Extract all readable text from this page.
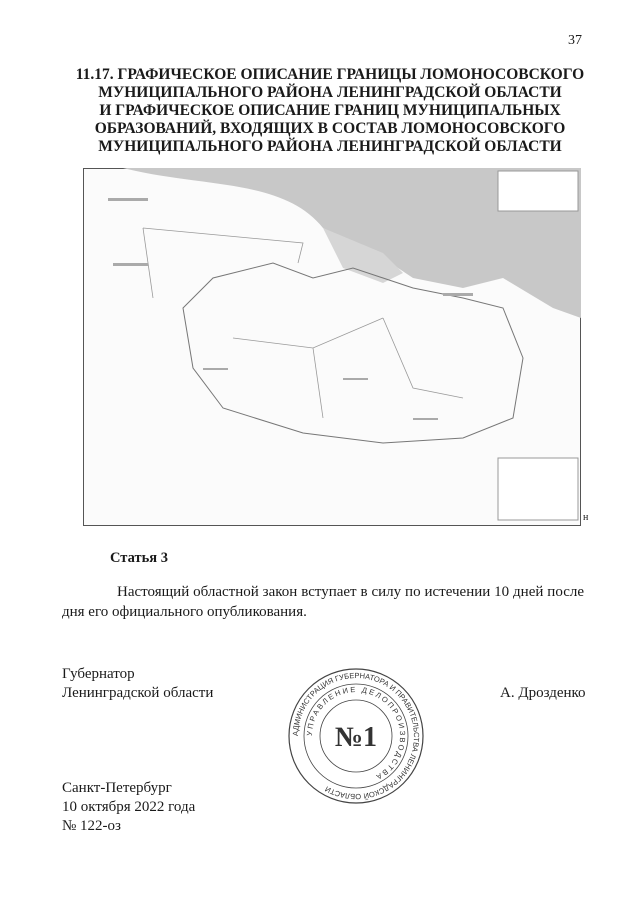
37
11.17. ГРАФИЧЕСКОЕ ОПИСАНИЕ ГРАНИЦЫ ЛОМОНОСОВСКОГО
МУНИЦИПАЛЬНОГО РАЙОНА ЛЕНИНГРАДСКОЙ ОБЛАСТИ
И ГРАФИЧЕСКОЕ ОПИСАНИЕ ГРАНИЦ МУНИЦИПАЛЬНЫХ
ОБРАЗОВАНИЙ, ВХОДЯЩИХ В СОСТАВ ЛОМОНОСОВСКОГО
МУНИЦИПАЛЬНОГО РАЙОНА ЛЕНИНГРАДСКОЙ ОБЛАСТИ
н
Статья 3
Настоящий областной закон вступает в силу по истечении 10 дней после дня его официального опубликования.
Губернатор
Ленинградской области	А. Дрозденко
АДМИНИСТРАЦИЯ ГУБЕРНАТОРА И ПРАВИТЕЛЬСТВА ЛЕНИНГРАДСКОЙ ОБЛАСТИ
УПРАВЛЕНИЕ ДЕЛОПРОИЗВОДСТВА
№1
Санкт-Петербург
10 октября 2022 года
№ 122-оз
